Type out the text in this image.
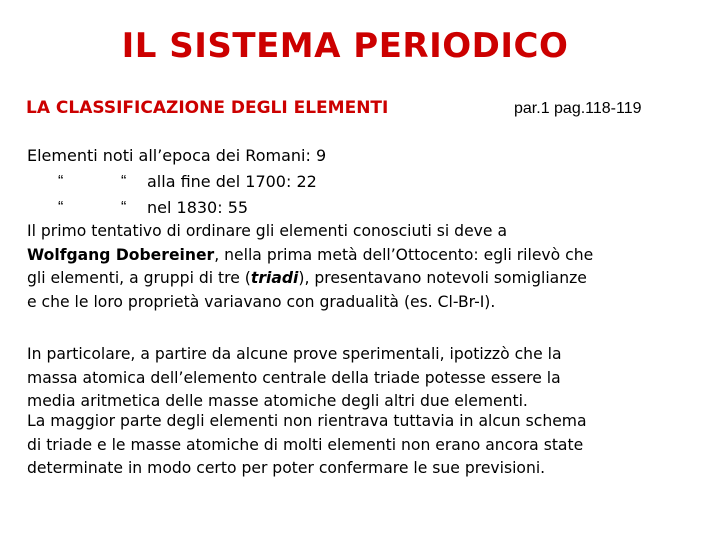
IL SISTEMA PERIODICO
LA CLASSIFICAZIONE DEGLI ELEMENTI	par.1 pag.118-119
Elementi noti all’epoca dei Romani: 9
“	“ alla fine del 1700: 22
“	“ nel 1830: 55
Il primo tentativo di ordinare gli elementi conosciuti si deve a
Wolfgang Dobereiner, nella prima metà dell’Ottocento: egli rilevò che
gli elementi, a gruppi di tre (triadi), presentavano notevoli somiglianze
e che le loro proprietà variavano con gradualità (es. Cl-Br-I).
In particolare, a partire da alcune prove sperimentali, ipotizzò che la
massa atomica dell’elemento centrale della triade potesse essere la
media aritmetica delle masse atomiche degli altri due elementi.
La maggior parte degli elementi non rientrava tuttavia in alcun schema
di triade e le masse atomiche di molti elementi non erano ancora state
determinate in modo certo per poter confermare le sue previsioni.
